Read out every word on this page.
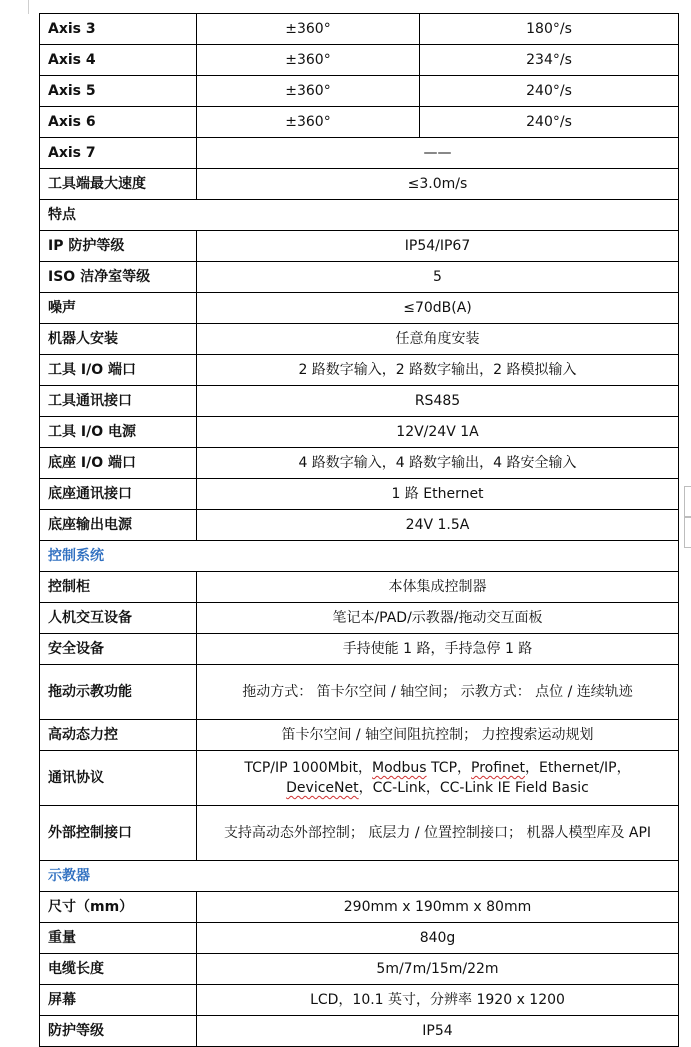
Axis 3	±360°	180°/s
Axis 4	±360°	234°/s
Axis 5	±360°	240°/s
Axis 6	±360°	240°/s
Axis 7	——	
工具端最大速度	≤3.0m/s	
特点		
IP 防护等级	IP54/IP67	
ISO 洁净室等级	5	
噪声	≤70dB(A)	
机器人安装	任意角度安装	
工具 I/O 端口	2 路数字输入，2 路数字输出，2 路模拟输入	
工具通讯接口	RS485	
工具 I/O 电源	12V/24V 1A	
底座 I/O 端口	4 路数字输入，4 路数字输出，4 路安全输入	
底座通讯接口	1 路 Ethernet	
底座输出电源	24V 1.5A	
控制系统		
控制柜	本体集成控制器	
人机交互设备	笔记本/PAD/示教器/拖动交互面板	
安全设备	手持使能 1 路，手持急停 1 路	
拖动示教功能	拖动方式： 笛卡尔空间 / 轴空间； 示教方式： 点位 / 连续轨迹	
高动态力控	笛卡尔空间 / 轴空间阻抗控制； 力控搜索运动规划	
通讯协议	TCP/IP 1000Mbit，Modbus TCP，Profinet，Ethernet/IP，
DeviceNet，CC-Link，CC-Link IE Field Basic	
外部控制接口	支持高动态外部控制； 底层力 / 位置控制接口； 机器人模型库及 API	
示教器		
尺寸（mm）	290mm x 190mm x 80mm	
重量	840g	
电缆长度	5m/7m/15m/22m	
屏幕	LCD，10.1 英寸，分辨率 1920 x 1200	
防护等级	IP54	
